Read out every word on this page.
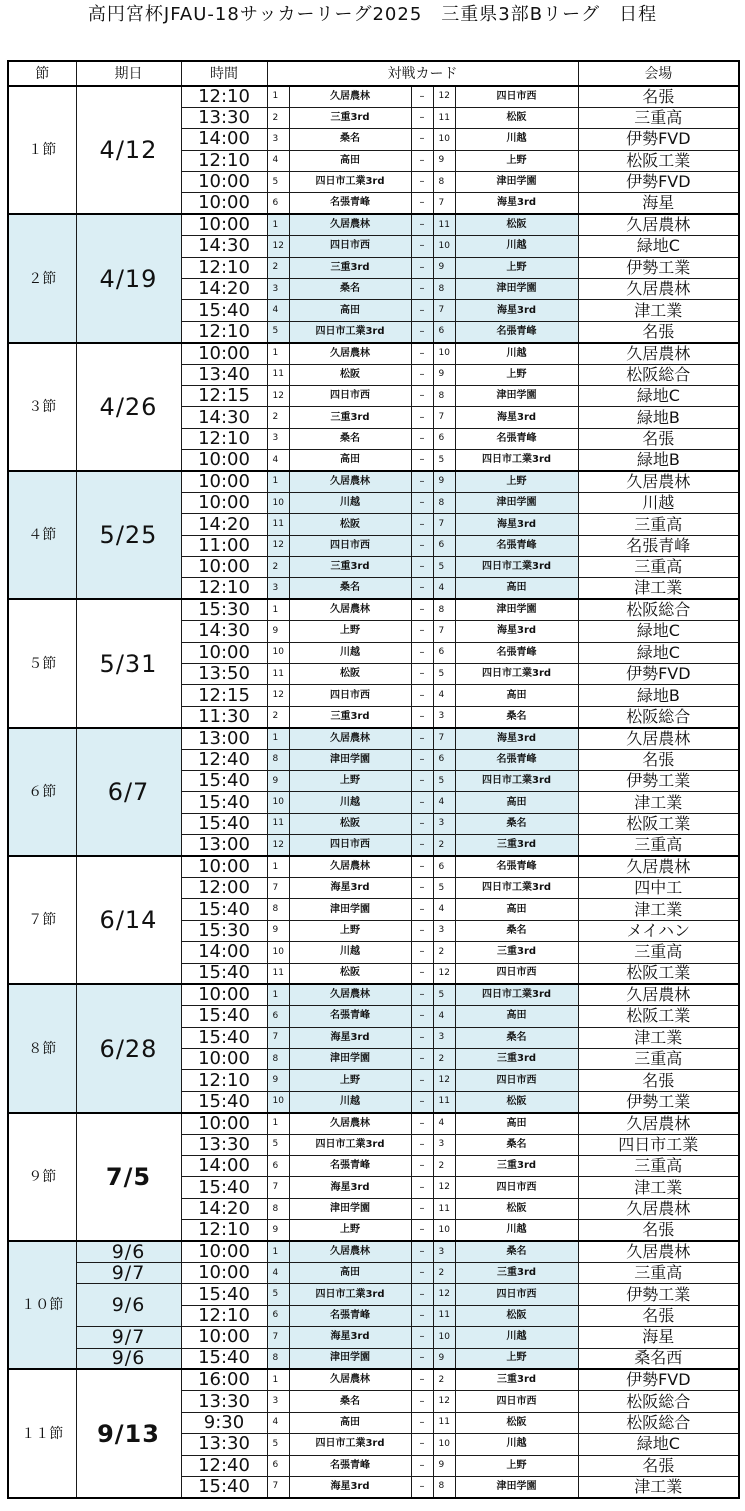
高円宮杯JFAU-18サッカーリーグ2025　三重県3部Bリーグ　日程
節	期日	時間	対戦カード					会場
１節	4/12	12:10	1	久居農林	–	12	四日市西	名張
		13:30	2	三重3rd	–	11	松阪	三重高
		14:00	3	桑名	–	10	川越	伊勢FVD
		12:10	4	高田	–	9	上野	松阪工業
		10:00	5	四日市工業3rd	–	8	津田学園	伊勢FVD
		10:00	6	名張青峰	–	7	海星3rd	海星
２節	4/19	10:00	1	久居農林	–	11	松阪	久居農林
		14:30	12	四日市西	–	10	川越	緑地C
		12:10	2	三重3rd	–	9	上野	伊勢工業
		14:20	3	桑名	–	8	津田学園	久居農林
		15:40	4	高田	–	7	海星3rd	津工業
		12:10	5	四日市工業3rd	–	6	名張青峰	名張
３節	4/26	10:00	1	久居農林	–	10	川越	久居農林
		13:40	11	松阪	–	9	上野	松阪総合
		12:15	12	四日市西	–	8	津田学園	緑地C
		14:30	2	三重3rd	–	7	海星3rd	緑地B
		12:10	3	桑名	–	6	名張青峰	名張
		10:00	4	高田	–	5	四日市工業3rd	緑地B
４節	5/25	10:00	1	久居農林	–	9	上野	久居農林
		10:00	10	川越	–	8	津田学園	川越
		14:20	11	松阪	–	7	海星3rd	三重高
		11:00	12	四日市西	–	6	名張青峰	名張青峰
		10:00	2	三重3rd	–	5	四日市工業3rd	三重高
		12:10	3	桑名	–	4	高田	津工業
５節	5/31	15:30	1	久居農林	–	8	津田学園	松阪総合
		14:30	9	上野	–	7	海星3rd	緑地C
		10:00	10	川越	–	6	名張青峰	緑地C
		13:50	11	松阪	–	5	四日市工業3rd	伊勢FVD
		12:15	12	四日市西	–	4	高田	緑地B
		11:30	2	三重3rd	–	3	桑名	松阪総合
６節	6/7	13:00	1	久居農林	–	7	海星3rd	久居農林
		12:40	8	津田学園	–	6	名張青峰	名張
		15:40	9	上野	–	5	四日市工業3rd	伊勢工業
		15:40	10	川越	–	4	高田	津工業
		15:40	11	松阪	–	3	桑名	松阪工業
		13:00	12	四日市西	–	2	三重3rd	三重高
７節	6/14	10:00	1	久居農林	–	6	名張青峰	久居農林
		12:00	7	海星3rd	–	5	四日市工業3rd	四中工
		15:40	8	津田学園	–	4	高田	津工業
		15:30	9	上野	–	3	桑名	メイハン
		14:00	10	川越	–	2	三重3rd	三重高
		15:40	11	松阪	–	12	四日市西	松阪工業
８節	6/28	10:00	1	久居農林	–	5	四日市工業3rd	久居農林
		15:40	6	名張青峰	–	4	高田	松阪工業
		15:40	7	海星3rd	–	3	桑名	津工業
		10:00	8	津田学園	–	2	三重3rd	三重高
		12:10	9	上野	–	12	四日市西	名張
		15:40	10	川越	–	11	松阪	伊勢工業
９節	7/5	10:00	1	久居農林	–	4	高田	久居農林
		13:30	5	四日市工業3rd	–	3	桑名	四日市工業
		14:00	6	名張青峰	–	2	三重3rd	三重高
		15:40	7	海星3rd	–	12	四日市西	津工業
		14:20	8	津田学園	–	11	松阪	久居農林
		12:10	9	上野	–	10	川越	名張
１０節	9/6	10:00	1	久居農林	–	3	桑名	久居農林
	9/7	10:00	4	高田	–	2	三重3rd	三重高
	9/6	15:40	5	四日市工業3rd	–	12	四日市西	伊勢工業
		12:10	6	名張青峰	–	11	松阪	名張
	9/7	10:00	7	海星3rd	–	10	川越	海星
	9/6	15:40	8	津田学園	–	9	上野	桑名西
１１節	9/13	16:00	1	久居農林	–	2	三重3rd	伊勢FVD
		13:30	3	桑名	–	12	四日市西	松阪総合
		9:30	4	高田	–	11	松阪	松阪総合
		13:30	5	四日市工業3rd	–	10	川越	緑地C
		12:40	6	名張青峰	–	9	上野	名張
		15:40	7	海星3rd	–	8	津田学園	津工業
